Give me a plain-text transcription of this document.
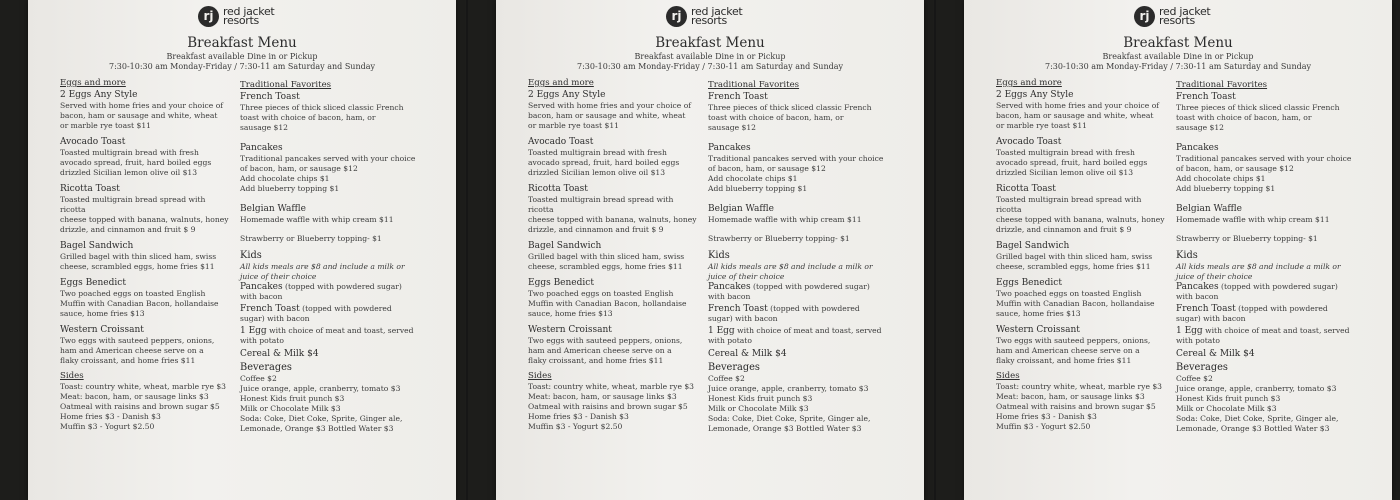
rj red jacket
resorts
Breakfast Menu
Breakfast available Dine in or Pickup
7:30-10:30 am Monday-Friday / 7:30-11 am Saturday and Sunday
Eggs and more
2 Eggs Any Style
Served with home fries and your choice of
bacon, ham or sausage and white, wheat
or marble rye toast $11
Avocado Toast
Toasted multigrain bread with fresh
avocado spread, fruit, hard boiled eggs
drizzled Sicilian lemon olive oil $13
Ricotta Toast
Toasted multigrain bread spread with ricotta
cheese topped with banana, walnuts, honey
drizzle, and cinnamon and fruit $ 9
Bagel Sandwich
Grilled bagel with thin sliced ham, swiss
cheese, scrambled eggs, home fries $11
Eggs Benedict
Two poached eggs on toasted English
Muffin with Canadian Bacon, hollandaise
sauce, home fries $13
Western Croissant
Two eggs with sauteed peppers, onions,
ham and American cheese serve on a
flaky croissant, and home fries $11
Sides
Toast: country white, wheat, marble rye $3
Meat: bacon, ham, or sausage links $3
Oatmeal with raisins and brown sugar $5
Home fries $3 - Danish $3
Muffin $3 - Yogurt $2.50
Traditional Favorites
French Toast
Three pieces of thick sliced classic French
toast with choice of bacon, ham, or
sausage $12
Pancakes
Traditional pancakes served with your choice
of bacon, ham, or sausage $12
Add chocolate chips $1
Add blueberry topping $1
Belgian Waffle
Homemade waffle with whip cream $11
Strawberry or Blueberry topping- $1
Kids
All kids meals are $8 and include a milk or
juice of their choice
Pancakes (topped with powdered sugar)
with bacon
French Toast (topped with powdered
sugar) with bacon
1 Egg with choice of meat and toast, served
with potato
Cereal & Milk $4
Beverages
Coffee $2
Juice orange, apple, cranberry, tomato $3
Honest Kids fruit punch $3
Milk or Chocolate Milk $3
Soda: Coke, Diet Coke, Sprite, Ginger ale,
Lemonade, Orange $3 Bottled Water $3
rj red jacket
resorts
Breakfast Menu
Breakfast available Dine in or Pickup
7:30-10:30 am Monday-Friday / 7:30-11 am Saturday and Sunday
Eggs and more
2 Eggs Any Style
Served with home fries and your choice of
bacon, ham or sausage and white, wheat
or marble rye toast $11
Avocado Toast
Toasted multigrain bread with fresh
avocado spread, fruit, hard boiled eggs
drizzled Sicilian lemon olive oil $13
Ricotta Toast
Toasted multigrain bread spread with ricotta
cheese topped with banana, walnuts, honey
drizzle, and cinnamon and fruit $ 9
Bagel Sandwich
Grilled bagel with thin sliced ham, swiss
cheese, scrambled eggs, home fries $11
Eggs Benedict
Two poached eggs on toasted English
Muffin with Canadian Bacon, hollandaise
sauce, home fries $13
Western Croissant
Two eggs with sauteed peppers, onions,
ham and American cheese serve on a
flaky croissant, and home fries $11
Sides
Toast: country white, wheat, marble rye $3
Meat: bacon, ham, or sausage links $3
Oatmeal with raisins and brown sugar $5
Home fries $3 - Danish $3
Muffin $3 - Yogurt $2.50
Traditional Favorites
French Toast
Three pieces of thick sliced classic French
toast with choice of bacon, ham, or
sausage $12
Pancakes
Traditional pancakes served with your choice
of bacon, ham, or sausage $12
Add chocolate chips $1
Add blueberry topping $1
Belgian Waffle
Homemade waffle with whip cream $11
Strawberry or Blueberry topping- $1
Kids
All kids meals are $8 and include a milk or
juice of their choice
Pancakes (topped with powdered sugar)
with bacon
French Toast (topped with powdered
sugar) with bacon
1 Egg with choice of meat and toast, served
with potato
Cereal & Milk $4
Beverages
Coffee $2
Juice orange, apple, cranberry, tomato $3
Honest Kids fruit punch $3
Milk or Chocolate Milk $3
Soda: Coke, Diet Coke, Sprite, Ginger ale,
Lemonade, Orange $3 Bottled Water $3
rj red jacket
resorts
Breakfast Menu
Breakfast available Dine in or Pickup
7:30-10:30 am Monday-Friday / 7:30-11 am Saturday and Sunday
Eggs and more
2 Eggs Any Style
Served with home fries and your choice of
bacon, ham or sausage and white, wheat
or marble rye toast $11
Avocado Toast
Toasted multigrain bread with fresh
avocado spread, fruit, hard boiled eggs
drizzled Sicilian lemon olive oil $13
Ricotta Toast
Toasted multigrain bread spread with ricotta
cheese topped with banana, walnuts, honey
drizzle, and cinnamon and fruit $ 9
Bagel Sandwich
Grilled bagel with thin sliced ham, swiss
cheese, scrambled eggs, home fries $11
Eggs Benedict
Two poached eggs on toasted English
Muffin with Canadian Bacon, hollandaise
sauce, home fries $13
Western Croissant
Two eggs with sauteed peppers, onions,
ham and American cheese serve on a
flaky croissant, and home fries $11
Sides
Toast: country white, wheat, marble rye $3
Meat: bacon, ham, or sausage links $3
Oatmeal with raisins and brown sugar $5
Home fries $3 - Danish $3
Muffin $3 - Yogurt $2.50
Traditional Favorites
French Toast
Three pieces of thick sliced classic French
toast with choice of bacon, ham, or
sausage $12
Pancakes
Traditional pancakes served with your choice
of bacon, ham, or sausage $12
Add chocolate chips $1
Add blueberry topping $1
Belgian Waffle
Homemade waffle with whip cream $11
Strawberry or Blueberry topping- $1
Kids
All kids meals are $8 and include a milk or
juice of their choice
Pancakes (topped with powdered sugar)
with bacon
French Toast (topped with powdered
sugar) with bacon
1 Egg with choice of meat and toast, served
with potato
Cereal & Milk $4
Beverages
Coffee $2
Juice orange, apple, cranberry, tomato $3
Honest Kids fruit punch $3
Milk or Chocolate Milk $3
Soda: Coke, Diet Coke, Sprite, Ginger ale,
Lemonade, Orange $3 Bottled Water $3
